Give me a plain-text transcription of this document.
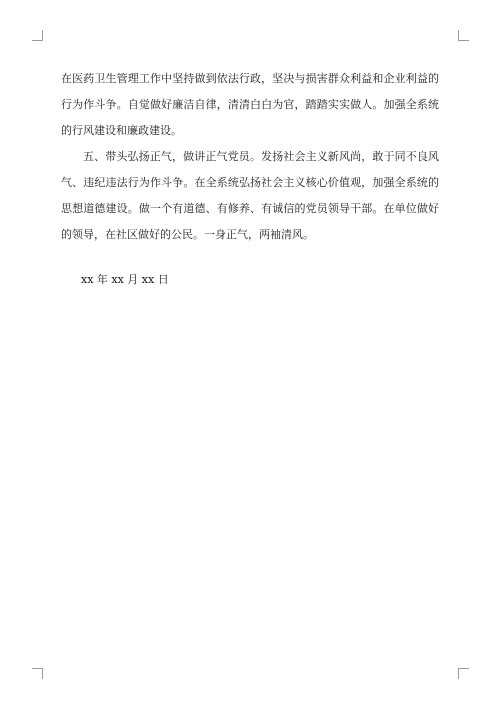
在医药卫生管理工作中坚持做到依法行政，坚决与损害群众利益和企业利益的行为作斗争。自觉做好廉洁自律，清清白白为官，踏踏实实做人。加强全系统的行风建设和廉政建设。

五、带头弘扬正气，做讲正气党员。发扬社会主义新风尚，敢于同不良风气、违纪违法行为作斗争。在全系统弘扬社会主义核心价值观，加强全系统的思想道德建设。做一个有道德、有修养、有诚信的党员领导干部。在单位做好的领导，在社区做好的公民。一身正气，两袖清风。

xx 年 xx 月 xx 日
